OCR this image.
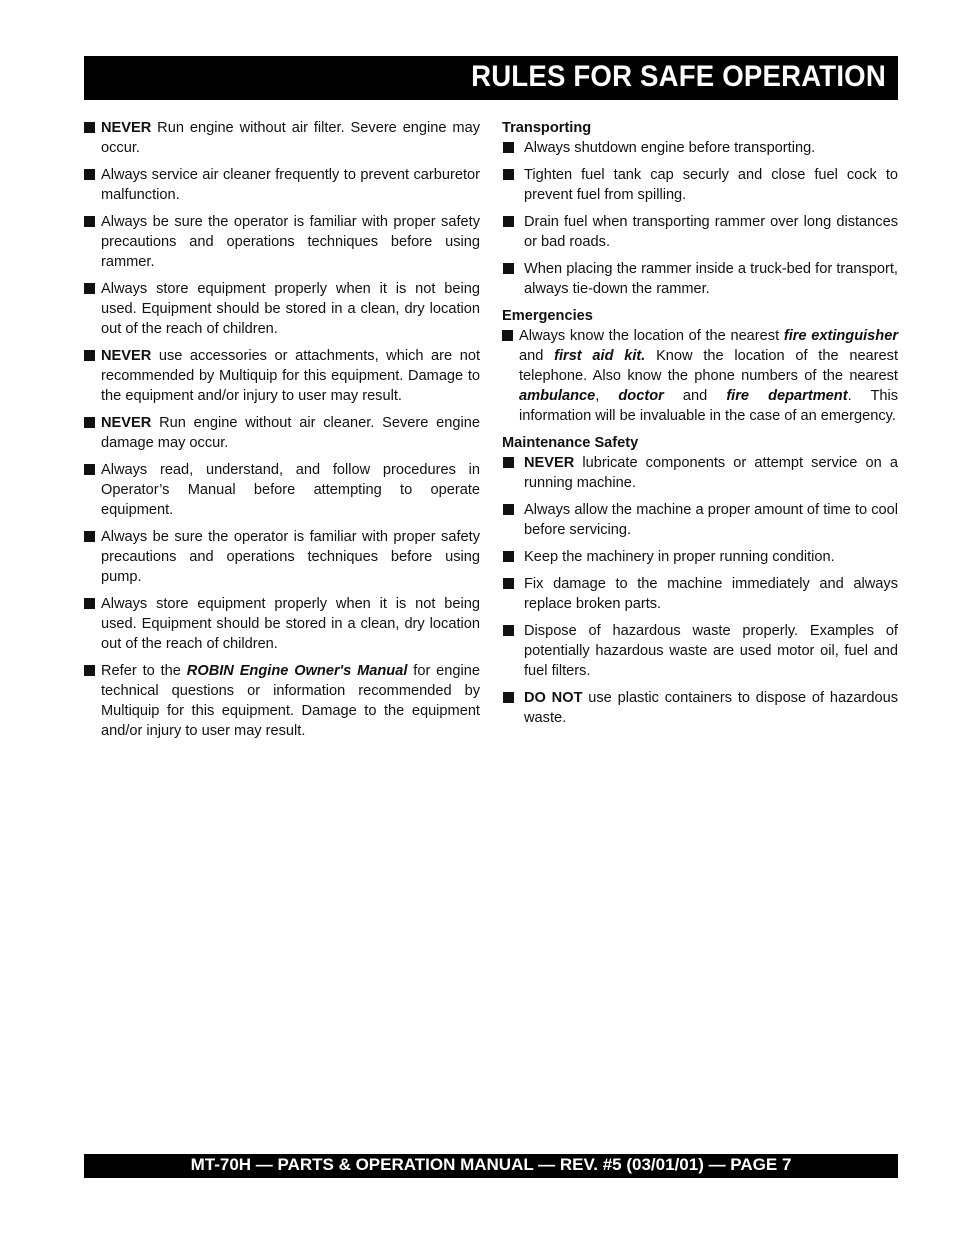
RULES FOR SAFE OPERATION
NEVER Run engine without air filter. Severe engine may occur.
Always service air cleaner frequently to prevent carburetor malfunction.
Always be sure the operator is familiar with proper safety precautions and operations techniques before using rammer.
Always store equipment properly when it is not being used. Equipment should be stored in a clean, dry location out of the reach of children.
NEVER use accessories or attachments, which are not recommended by Multiquip for this equipment. Damage to the equipment and/or injury to user may result.
NEVER Run engine without air cleaner. Severe engine damage may occur.
Always read, understand, and follow procedures in Operator’s Manual before attempting to operate equipment.
Always be sure the operator is familiar with proper safety precautions and operations techniques before using pump.
Always store equipment properly when it is not being used. Equipment should be stored in a clean, dry location out of the reach of children.
Refer to the ROBIN Engine Owner's Manual for engine technical questions or information recommended by Multiquip for this equipment. Damage to the equipment and/or injury to user may result.
Transporting
Always shutdown engine before transporting.
Tighten fuel tank cap securly and close fuel cock to prevent fuel from spilling.
Drain fuel when transporting rammer over long distances or bad roads.
When placing the rammer inside a truck-bed for transport, always tie-down the rammer.
Emergencies
Always know the location of the nearest fire extinguisher and first aid kit. Know the location of the nearest telephone. Also know the phone numbers of the nearest ambulance, doctor and fire department. This information will be invaluable in the case of an emergency.
Maintenance Safety
NEVER lubricate components or attempt service on a running machine.
Always allow the machine a proper amount of time to cool before servicing.
Keep the machinery in proper running condition.
Fix damage to the machine immediately and always replace broken parts.
Dispose of hazardous waste properly. Examples of potentially hazardous waste are used motor oil, fuel and fuel filters.
DO NOT use plastic containers to dispose of hazardous waste.
MT-70H — PARTS & OPERATION MANUAL — REV. #5 (03/01/01) — PAGE 7
